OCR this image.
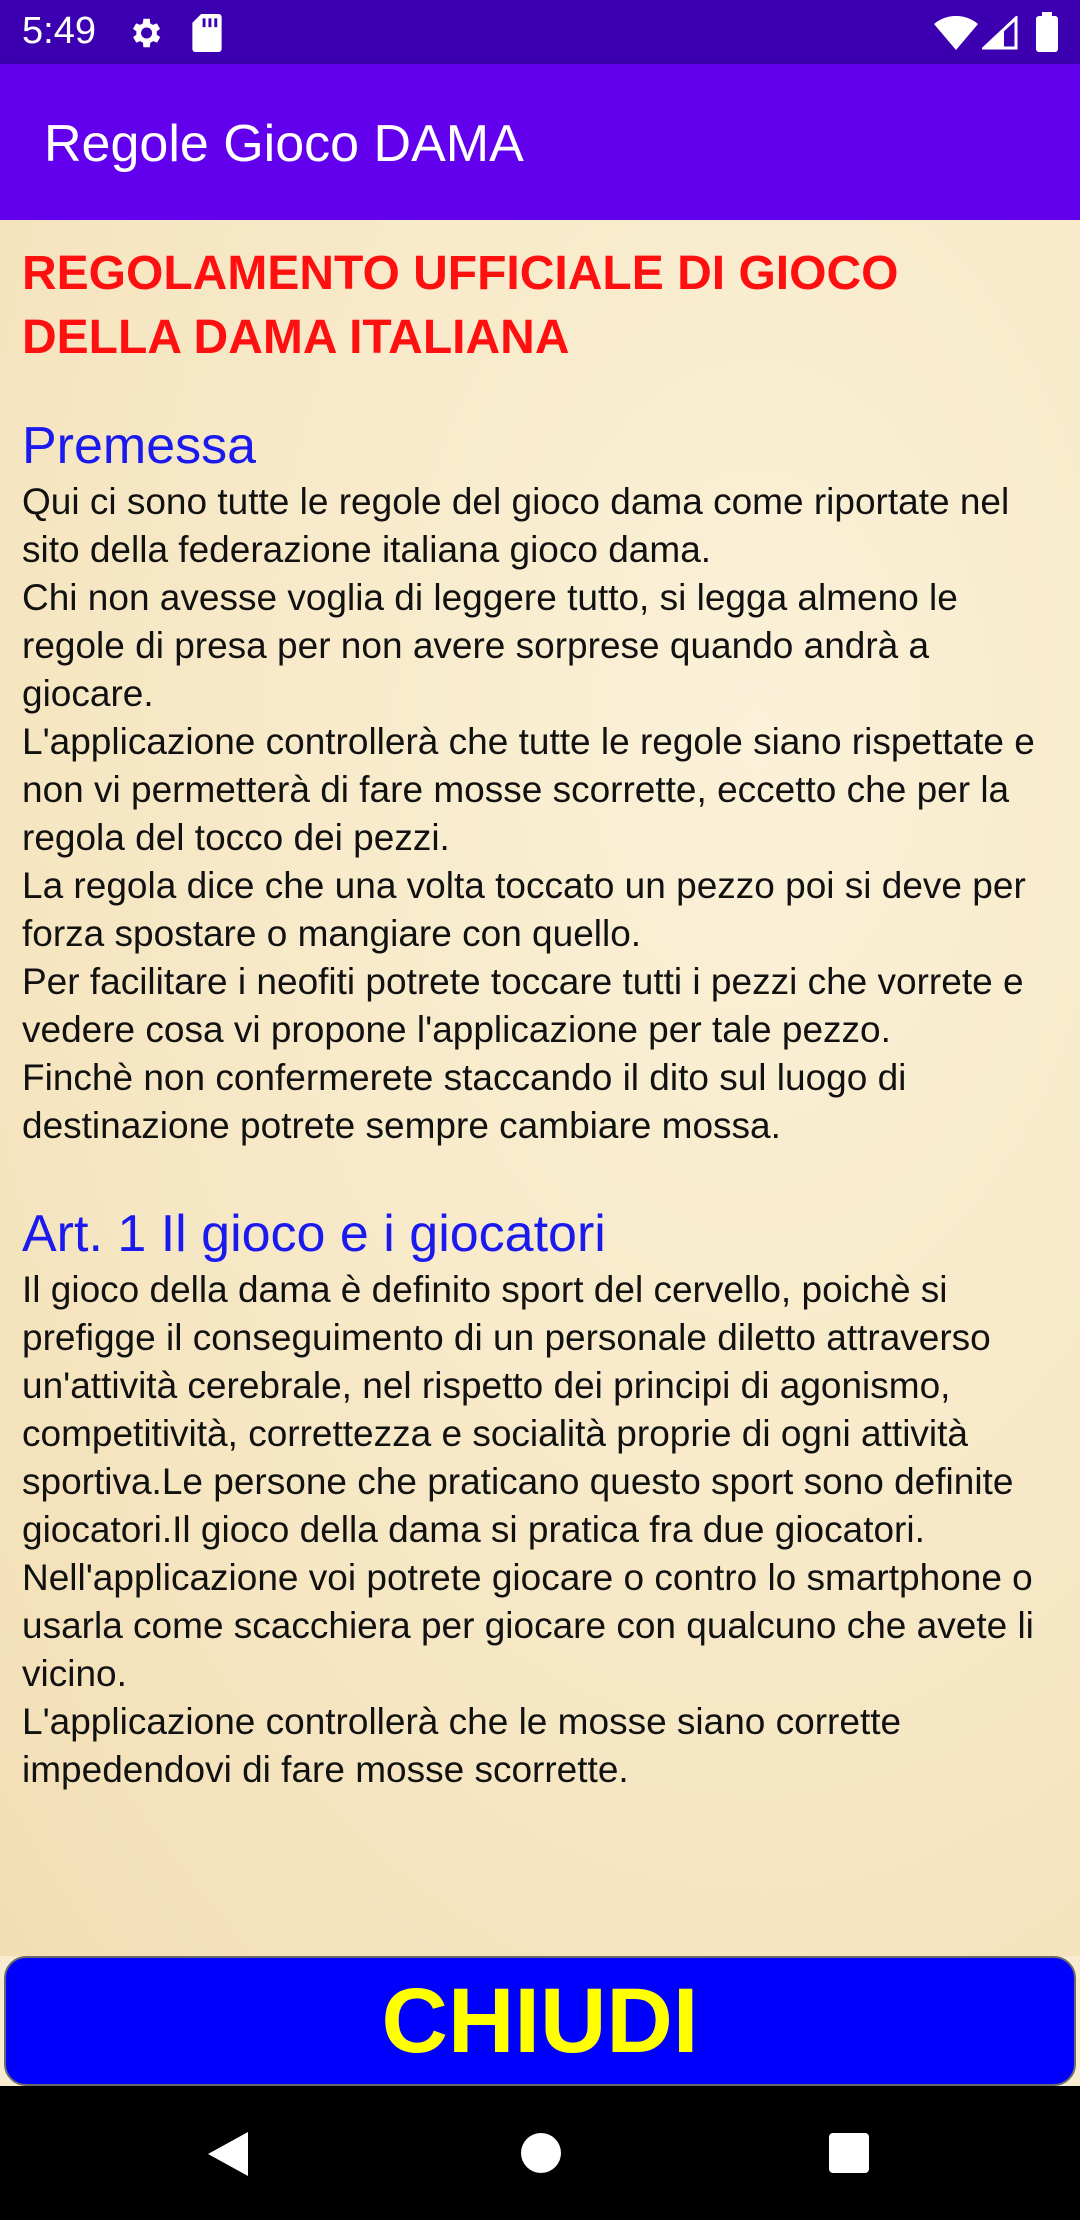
5:49
Regole Gioco DAMA

REGOLAMENTO UFFICIALE DI GIOCO
DELLA DAMA ITALIANA

Premessa

Qui ci sono tutte le regole del gioco dama come riportate nel sito della federazione italiana gioco dama.

Chi non avesse voglia di leggere tutto, si legga almeno le regole di presa per non avere sorprese quando andrà a giocare.

L'applicazione controllerà che tutte le regole siano rispettate e non vi permetterà di fare mosse scorrette, eccetto che per la regola del tocco dei pezzi.

La regola dice che una volta toccato un pezzo poi si deve per forza spostare o mangiare con quello.

Per facilitare i neofiti potrete toccare tutti i pezzi che vorrete e vedere cosa vi propone l'applicazione per tale pezzo.

Finchè non confermerete staccando il dito sul luogo di destinazione potrete sempre cambiare mossa.

Art. 1 Il gioco e i giocatori

Il gioco della dama è definito sport del cervello, poichè si prefigge il conseguimento di un personale diletto attraverso un'attività cerebrale, nel rispetto dei principi di agonismo, competitività, correttezza e socialità proprie di ogni attività sportiva.Le persone che praticano questo sport sono definite giocatori.Il gioco della dama si pratica fra due giocatori.

Nell'applicazione voi potrete giocare o contro lo smartphone o usarla come scacchiera per giocare con qualcuno che avete li vicino.

L'applicazione controllerà che le mosse siano corrette impedendovi di fare mosse scorrette.

CHIUDI
